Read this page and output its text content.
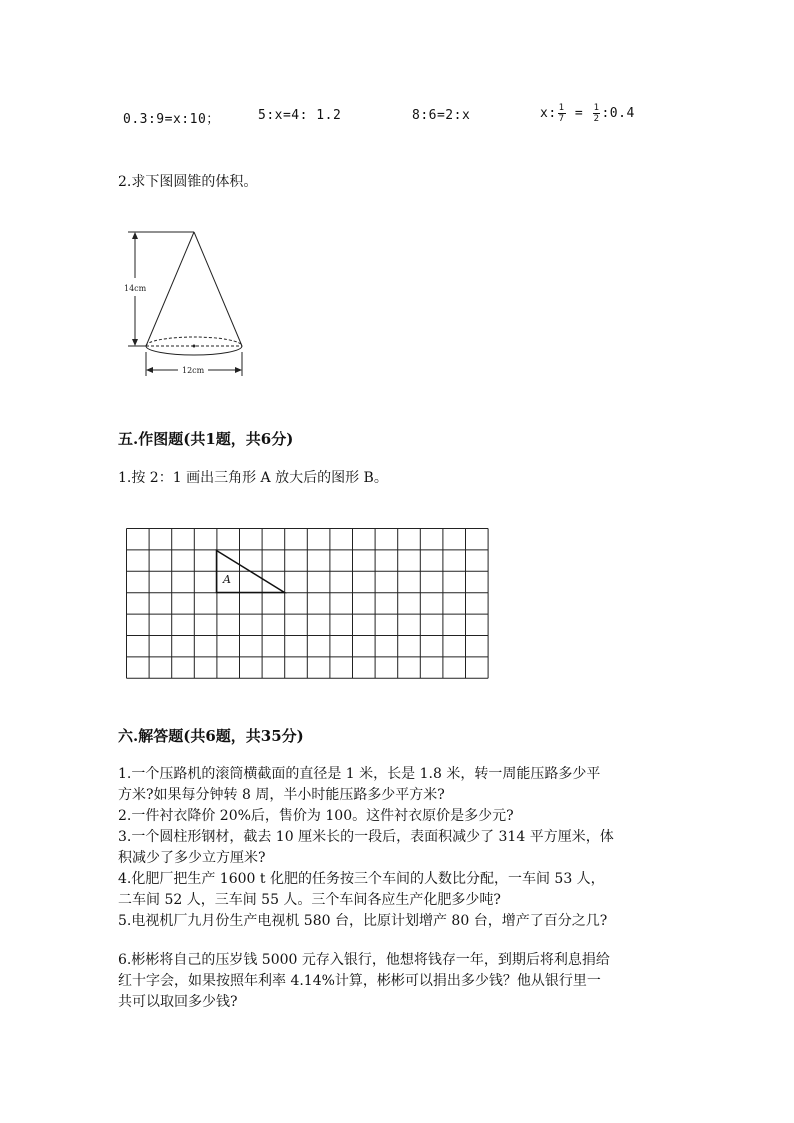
0.3:9=x:10；	5:x=4: 1.2	8:6=2:x	x: $\frac{1}{7} = \frac{1}{2}$ :0.4
2.求下图圆锥的体积。
14cm
12cm
五.作图题(共1题，共6分)
1.按 2：1 画出三角形 A 放大后的图形 B。
A
六.解答题(共6题，共35分)
1.一个压路机的滚筒横截面的直径是 1 米，长是 1.8 米，转一周能压路多少平
方米?如果每分钟转 8 周，半小时能压路多少平方米?
2.一件衬衣降价 20%后，售价为 100。这件衬衣原价是多少元?
3.一个圆柱形钢材，截去 10 厘米长的一段后，表面积减少了 314 平方厘米，体
积减少了多少立方厘米?
4.化肥厂把生产 1600 t 化肥的任务按三个车间的人数比分配，一车间 53 人，
二车间 52 人，三车间 55 人。三个车间各应生产化肥多少吨?
5.电视机厂九月份生产电视机 580 台，比原计划增产 80 台，增产了百分之几?
6.彬彬将自己的压岁钱 5000 元存入银行，他想将钱存一年，到期后将利息捐给
红十字会，如果按照年利率 4.14%计算，彬彬可以捐出多少钱？他从银行里一
共可以取回多少钱?
